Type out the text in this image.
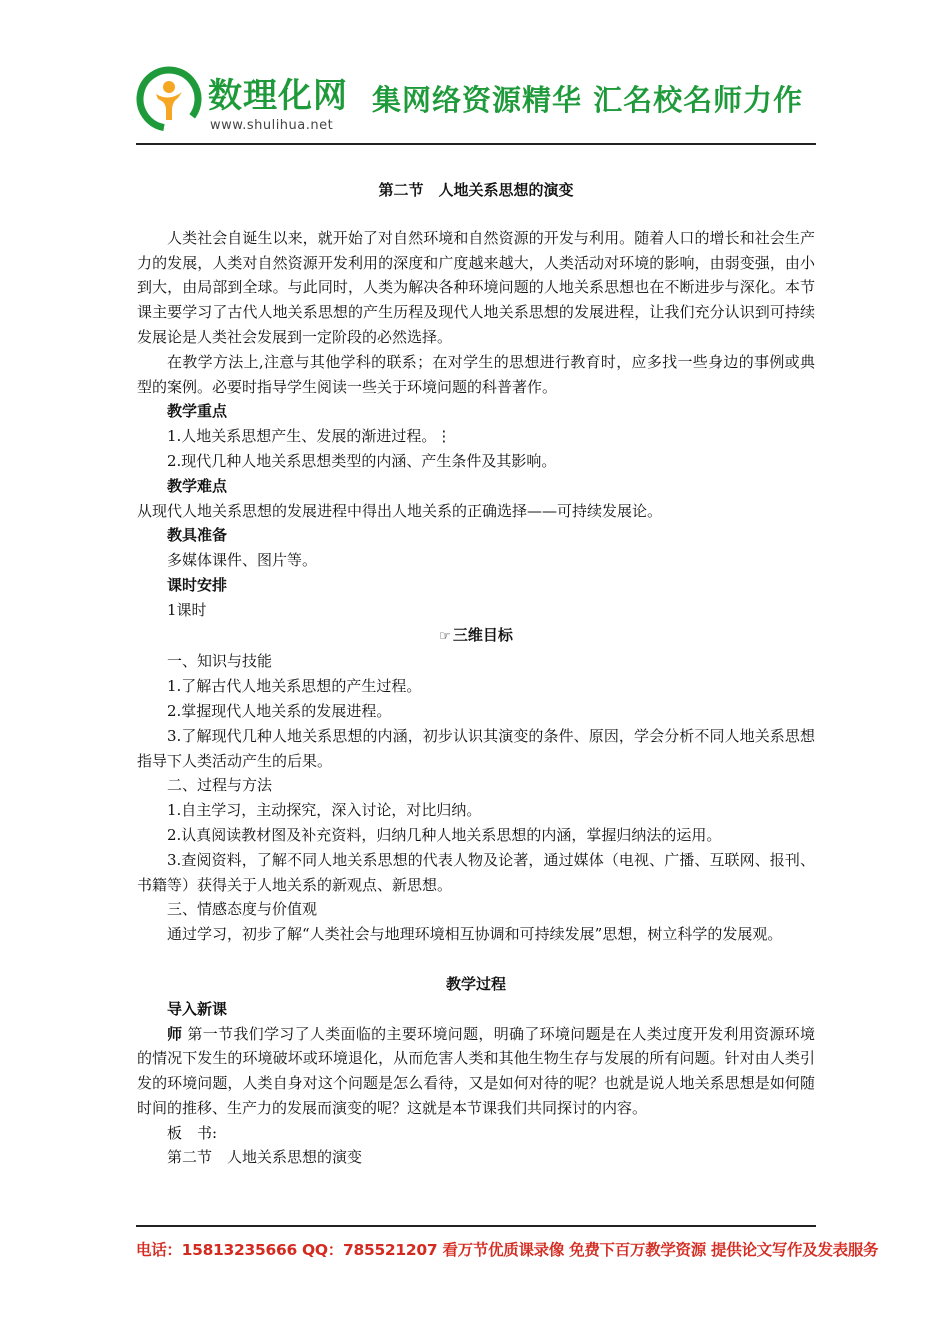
数理化网
www.shulihua.net
集网络资源精华 汇名校名师力作

第二节　人地关系思想的演变

人类社会自诞生以来，就开始了对自然环境和自然资源的开发与利用。随着人口的增长和社会生产力的发展，人类对自然资源开发利用的深度和广度越来越大，人类活动对环境的影响，由弱变强，由小到大，由局部到全球。与此同时，人类为解决各种环境问题的人地关系思想也在不断进步与深化。本节课主要学习了古代人地关系思想的产生历程及现代人地关系思想的发展进程，让我们充分认识到可持续发展论是人类社会发展到一定阶段的必然选择。

在教学方法上,注意与其他学科的联系；在对学生的思想进行教育时，应多找一些身边的事例或典型的案例。必要时指导学生阅读一些关于环境问题的科普著作。

教学重点

1.人地关系思想产生、发展的渐进过程。⋮

2.现代几种人地关系思想类型的内涵、产生条件及其影响。

教学难点

从现代人地关系思想的发展进程中得出人地关系的正确选择——可持续发展论。

教具准备

多媒体课件、图片等。

课时安排

1课时

☞ 三维目标

一、知识与技能

1.了解古代人地关系思想的产生过程。

2.掌握现代人地关系的发展进程。

3.了解现代几种人地关系思想的内涵，初步认识其演变的条件、原因，学会分析不同人地关系思想指导下人类活动产生的后果。

二、过程与方法

1.自主学习，主动探究，深入讨论，对比归纳。

2.认真阅读教材图及补充资料，归纳几种人地关系思想的内涵，掌握归纳法的运用。

3.查阅资料，了解不同人地关系思想的代表人物及论著，通过媒体（电视、广播、互联网、报刊、书籍等）获得关于人地关系的新观点、新思想。

三、情感态度与价值观

通过学习，初步了解“人类社会与地理环境相互协调和可持续发展”思想，树立科学的发展观。

教学过程

导入新课

师 第一节我们学习了人类面临的主要环境问题，明确了环境问题是在人类过度开发利用资源环境的情况下发生的环境破坏或环境退化，从而危害人类和其他生物生存与发展的所有问题。针对由人类引发的环境问题，人类自身对这个问题是怎么看待，又是如何对待的呢？也就是说人地关系思想是如何随时间的推移、生产力的发展而演变的呢？这就是本节课我们共同探讨的内容。

板　书:

第二节　人地关系思想的演变

电话：15813235666 QQ：785521207 看万节优质课录像 免费下百万教学资源 提供论文写作及发表服务
